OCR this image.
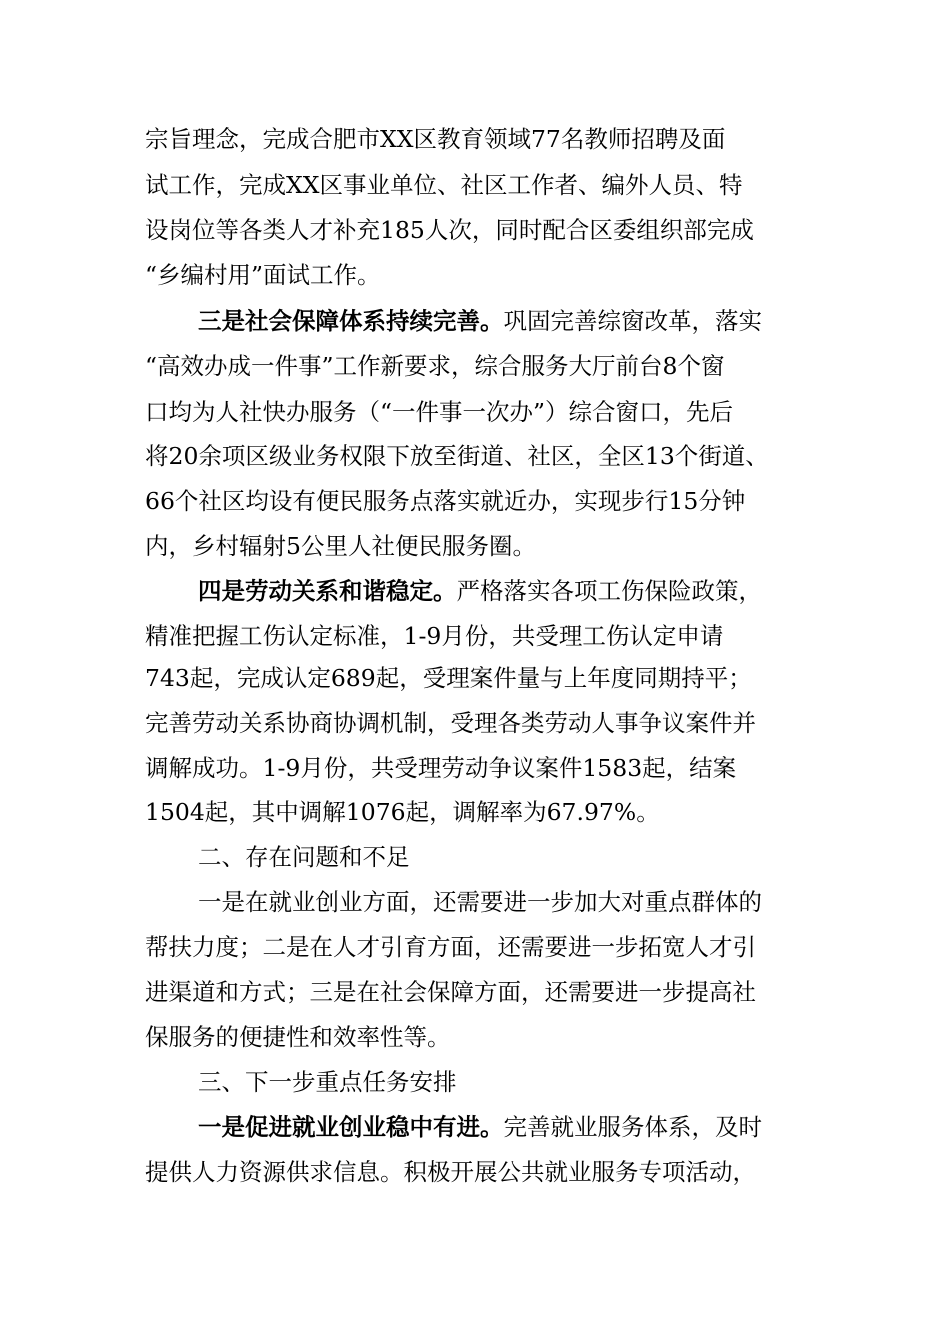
宗旨理念，完成合肥市XX区教育领域77名教师招聘及面
试工作，完成XX区事业单位、社区工作者、编外人员、特
设岗位等各类人才补充185人次，同时配合区委组织部完成
“乡编村用”面试工作。
三是社会保障体系持续完善。巩固完善综窗改革，落实
“高效办成一件事”工作新要求，综合服务大厅前台8个窗
口均为人社快办服务（“一件事一次办”）综合窗口，先后
将20余项区级业务权限下放至街道、社区，全区13个街道、
66个社区均设有便民服务点落实就近办，实现步行15分钟
内，乡村辐射5公里人社便民服务圈。
四是劳动关系和谐稳定。严格落实各项工伤保险政策，
精准把握工伤认定标准，1-9月份，共受理工伤认定申请
743起，完成认定689起，受理案件量与上年度同期持平；
完善劳动关系协商协调机制，受理各类劳动人事争议案件并
调解成功。1-9月份，共受理劳动争议案件1583起，结案
1504起，其中调解1076起，调解率为67.97%。
二、存在问题和不足
一是在就业创业方面，还需要进一步加大对重点群体的
帮扶力度；二是在人才引育方面，还需要进一步拓宽人才引
进渠道和方式；三是在社会保障方面，还需要进一步提高社
保服务的便捷性和效率性等。
三、下一步重点任务安排
一是促进就业创业稳中有进。完善就业服务体系，及时
提供人力资源供求信息。积极开展公共就业服务专项活动，
